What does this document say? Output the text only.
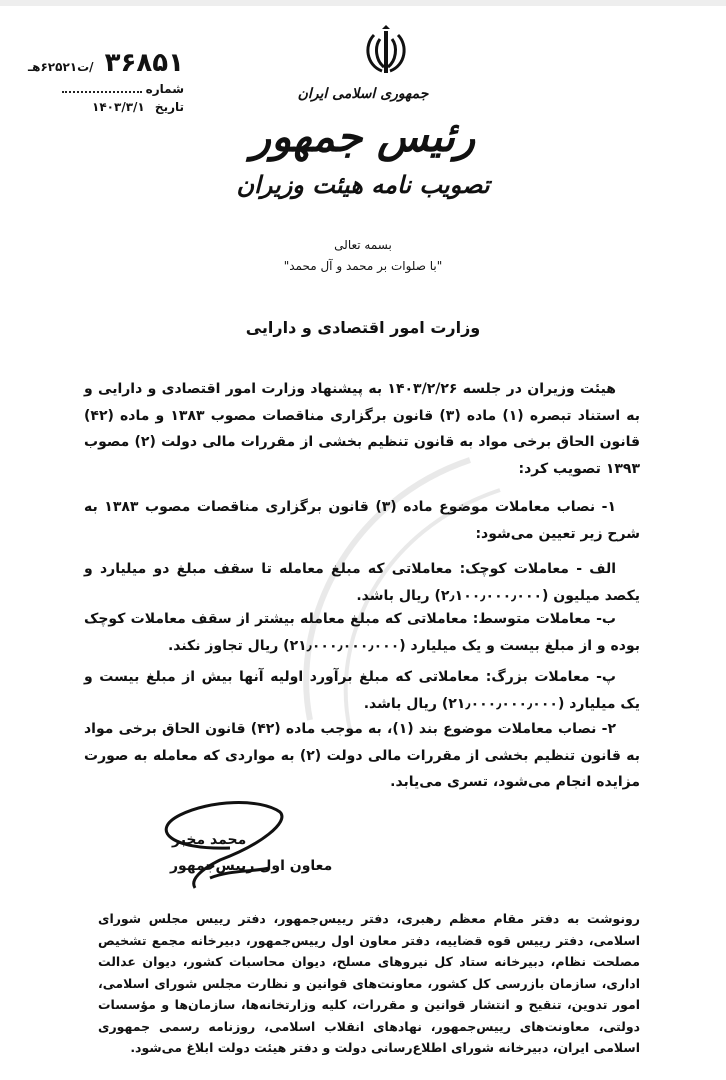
۳۶۸۵۱ /ت۶۲۵۲۱هـ
شماره
تاریخ ۱۴۰۳/۳/۱
جمهوری اسلامی ایران
رئیس جمهور
تصویب نامه هیئت وزیران
بسمه تعالی
"با صلوات بر محمد و آل محمد"
وزارت امور اقتصادی و دارایی

هیئت وزیران در جلسه ۱۴۰۳/۲/۲۶ به پیشنهاد وزارت امور اقتصادی و دارایی و به استناد تبصره (۱) ماده (۳) قانون برگزاری مناقصات مصوب ۱۳۸۳ و ماده (۴۲) قانون الحاق برخی مواد به قانون تنظیم بخشی از مقررات مالی دولت (۲) مصوب ۱۳۹۳ تصویب کرد:

۱- نصاب معاملات موضوع ماده (۳) قانون برگزاری مناقصات مصوب ۱۳۸۳ به شرح زیر تعیین می‌شود:

الف - معاملات کوچک: معاملاتی که مبلغ معامله تا سقف مبلغ دو میلیارد و یکصد میلیون (۲٫۱۰۰٫۰۰۰٫۰۰۰) ریال باشد.

ب- معاملات متوسط: معاملاتی که مبلغ معامله بیشتر از سقف معاملات کوچک بوده و از مبلغ بیست و یک میلیارد (۲۱٫۰۰۰٫۰۰۰٫۰۰۰) ریال تجاوز نکند.

پ- معاملات بزرگ: معاملاتی که مبلغ برآورد اولیه آنها بیش از مبلغ بیست و یک میلیارد (۲۱٫۰۰۰٫۰۰۰٫۰۰۰) ریال باشد.

۲- نصاب معاملات موضوع بند (۱)، به موجب ماده (۴۲) قانون الحاق برخی مواد به قانون تنظیم بخشی از مقررات مالی دولت (۲) به مواردی که معامله به صورت مزایده انجام می‌شود، تسری می‌یابد.

محمد مخبر
معاون اول رییس‌جمهور
رونوشت به دفتر مقام معظم رهبری، دفتر رییس‌جمهور، دفتر رییس مجلس شورای اسلامی، دفتر رییس قوه قضاییه، دفتر معاون اول رییس‌جمهور، دبیرخانه مجمع تشخیص مصلحت نظام، دبیرخانه ستاد کل نیروهای مسلح، دیوان محاسبات کشور، دیوان عدالت اداری، سازمان بازرسی کل کشور، معاونت‌های قوانین و نظارت مجلس شورای اسلامی، امور تدوین، تنقیح و انتشار قوانین و مقررات، کلیه وزارتخانه‌ها، سازمان‌ها و مؤسسات دولتی، معاونت‌های رییس‌جمهور، نهادهای انقلاب اسلامی، روزنامه رسمی جمهوری اسلامی ایران، دبیرخانه شورای اطلاع‌رسانی دولت و دفتر هیئت دولت ابلاغ می‌شود.
